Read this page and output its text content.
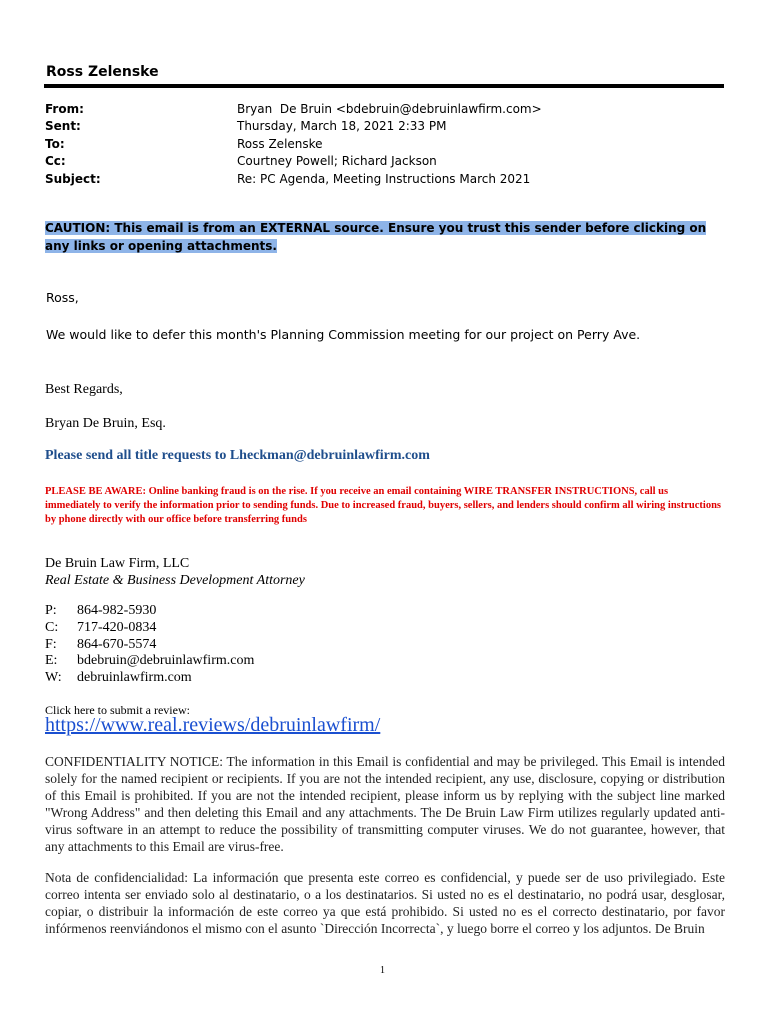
Ross Zelenske
From:	Bryan  De Bruin <bdebruin@debruinlawfirm.com>
Sent:	Thursday, March 18, 2021 2:33 PM
To:	Ross Zelenske
Cc:	Courtney Powell; Richard Jackson
Subject:	Re: PC Agenda, Meeting Instructions March 2021
CAUTION: This email is from an EXTERNAL source. Ensure you trust this sender before clicking on any links or opening attachments.
Ross,
We would like to defer this month's Planning Commission meeting for our project on Perry Ave.
Best Regards,
Bryan De Bruin, Esq.
Please send all title requests to Lheckman@debruinlawfirm.com
PLEASE BE AWARE: Online banking fraud is on the rise. If you receive an email containing WIRE TRANSFER INSTRUCTIONS, call us immediately to verify the information prior to sending funds. Due to increased fraud, buyers, sellers, and lenders should confirm all wiring instructions by phone directly with our office before transferring funds
De Bruin Law Firm, LLC
Real Estate & Business Development Attorney
P:	864-982-5930
C:	717-420-0834
F:	864-670-5574
E:	bdebruin@debruinlawfirm.com
W:	debruinlawfirm.com
Click here to submit a review:
https://www.real.reviews/debruinlawfirm/
CONFIDENTIALITY NOTICE: The information in this Email is confidential and may be privileged. This Email is intended solely for the named recipient or recipients. If you are not the intended recipient, any use, disclosure, copying or distribution of this Email is prohibited. If you are not the intended recipient, please inform us by replying with the subject line marked "Wrong Address" and then deleting this Email and any attachments. The De Bruin Law Firm utilizes regularly updated anti-virus software in an attempt to reduce the possibility of transmitting computer viruses. We do not guarantee, however, that any attachments to this Email are virus-free.
Nota de confidencialidad: La información que presenta este correo es confidencial, y puede ser de uso privilegiado. Este correo intenta ser enviado solo al destinatario, o a los destinatarios. Si usted no es el destinatario, no podrá usar, desglosar, copiar, o distribuir la información de este correo ya que está prohibido. Si usted no es el correcto destinatario, por favor infórmenos reenviándonos el mismo con el asunto `Dirección Incorrecta`, y luego borre el correo y los adjuntos. De Bruin
1
